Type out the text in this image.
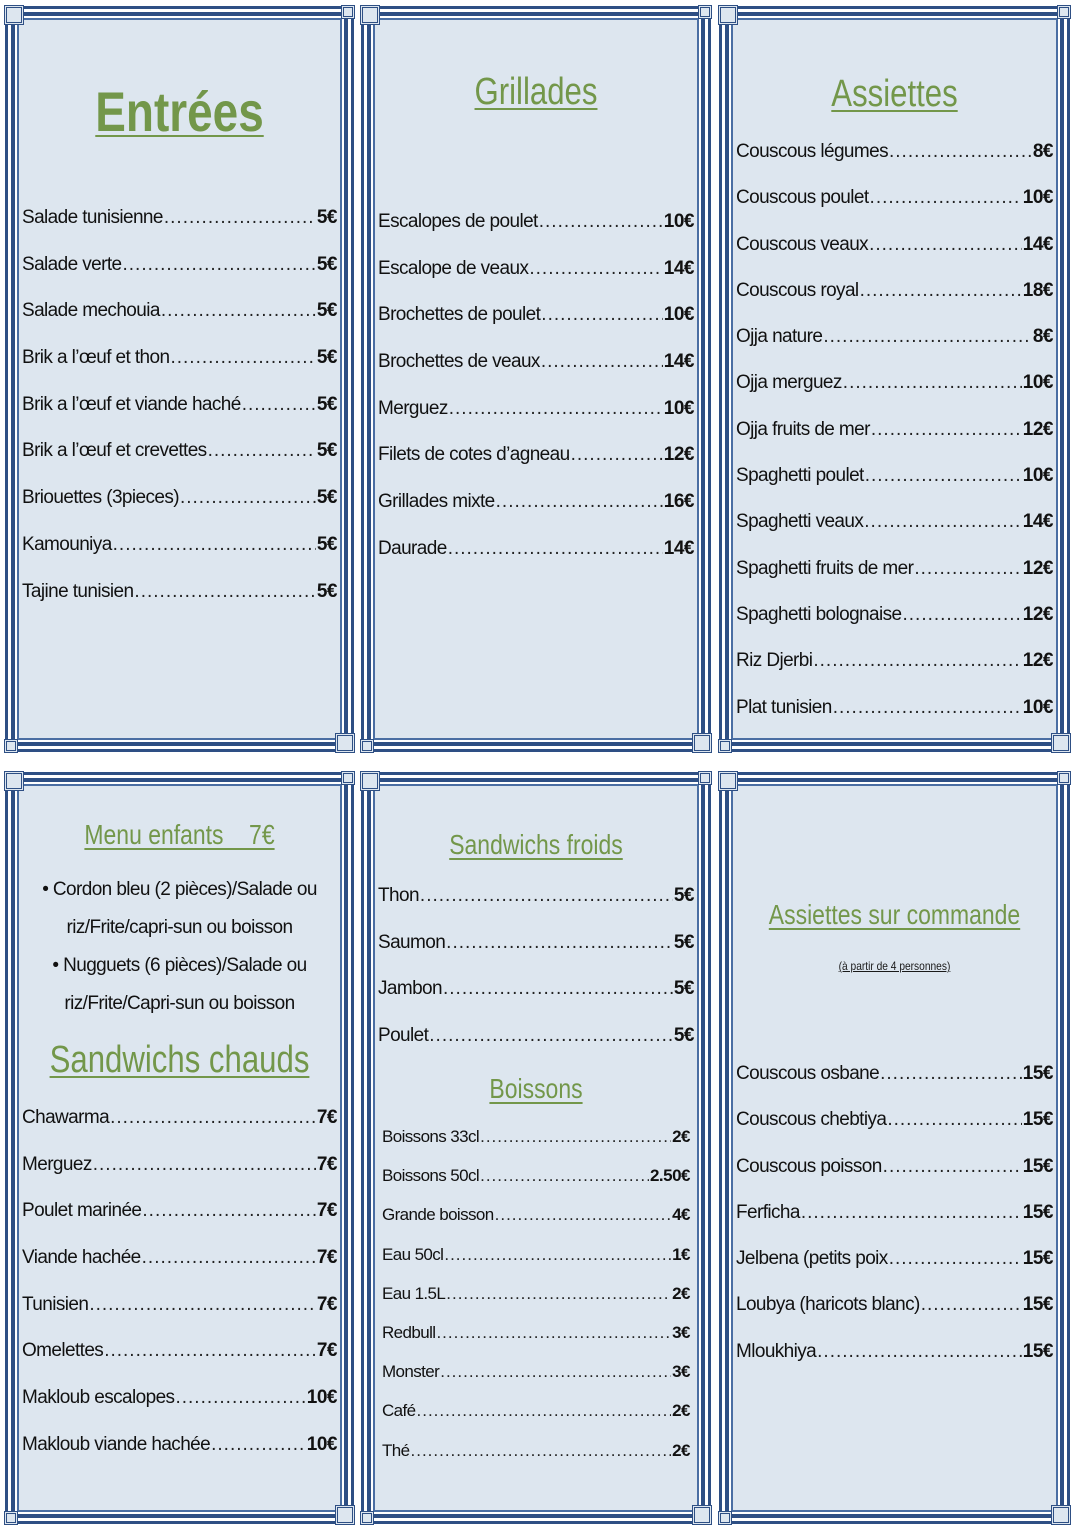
Entrées
Salade tunisienne .....	5€
Salade verte .....	5€
Salade mechouia .....	5€
Brik a l’œuf et thon .....	5€
Brik a l’œuf et viande haché .....	5€
Brik a l’œuf et crevettes .....	5€
Briouettes (3pieces) .....	5€
Kamouniya .....	5€
Tajine tunisien .....	5€
Grillades
Escalopes de poulet .....	10€
Escalope de veaux .....	14€
Brochettes de poulet .....	10€
Brochettes de veaux .....	14€
Merguez .....	10€
Filets de cotes d’agneau .....	12€
Grillades mixte .....	16€
Daurade .....	14€
Assiettes
Couscous légumes .....	8€
Couscous poulet .....	10€
Couscous veaux .....	14€
Couscous royal .....	18€
Ojja nature .....	8€
Ojja merguez .....	10€
Ojja fruits de mer .....	12€
Spaghetti poulet .....	10€
Spaghetti veaux .....	14€
Spaghetti fruits de mer .....	12€
Spaghetti bolognaise .....	12€
Riz Djerbi .....	12€
Plat tunisien .....	10€
Menu enfants    7€
• Cordon bleu (2 pièces)/Salade ou
riz/Frite/capri-sun ou boisson
• Nugguets (6 pièces)/Salade ou
riz/Frite/Capri-sun ou boisson
Sandwichs chauds
Chawarma .....	7€
Merguez .....	7€
Poulet marinée .....	7€
Viande hachée .....	7€
Tunisien .....	7€
Omelettes .....	7€
Makloub escalopes .....	10€
Makloub viande hachée .....	10€
Sandwichs froids
Thon .....	5€
Saumon .....	5€
Jambon .....	5€
Poulet .....	5€
Boissons
Boissons 33cl .....	2€
Boissons 50cl .....	2.50€
Grande boisson .....	4€
Eau 50cl .....	1€
Eau 1.5L .....	2€
Redbull .....	3€
Monster .....	3€
Café .....	2€
Thé .....	2€
Assiettes sur commande
(à partir de 4 personnes)
Couscous osbane .....	15€
Couscous chebtiya .....	15€
Couscous poisson .....	15€
Ferficha .....	15€
Jelbena (petits poix .....	15€
Loubya (haricots blanc) .....	15€
Mloukhiya .....	15€
